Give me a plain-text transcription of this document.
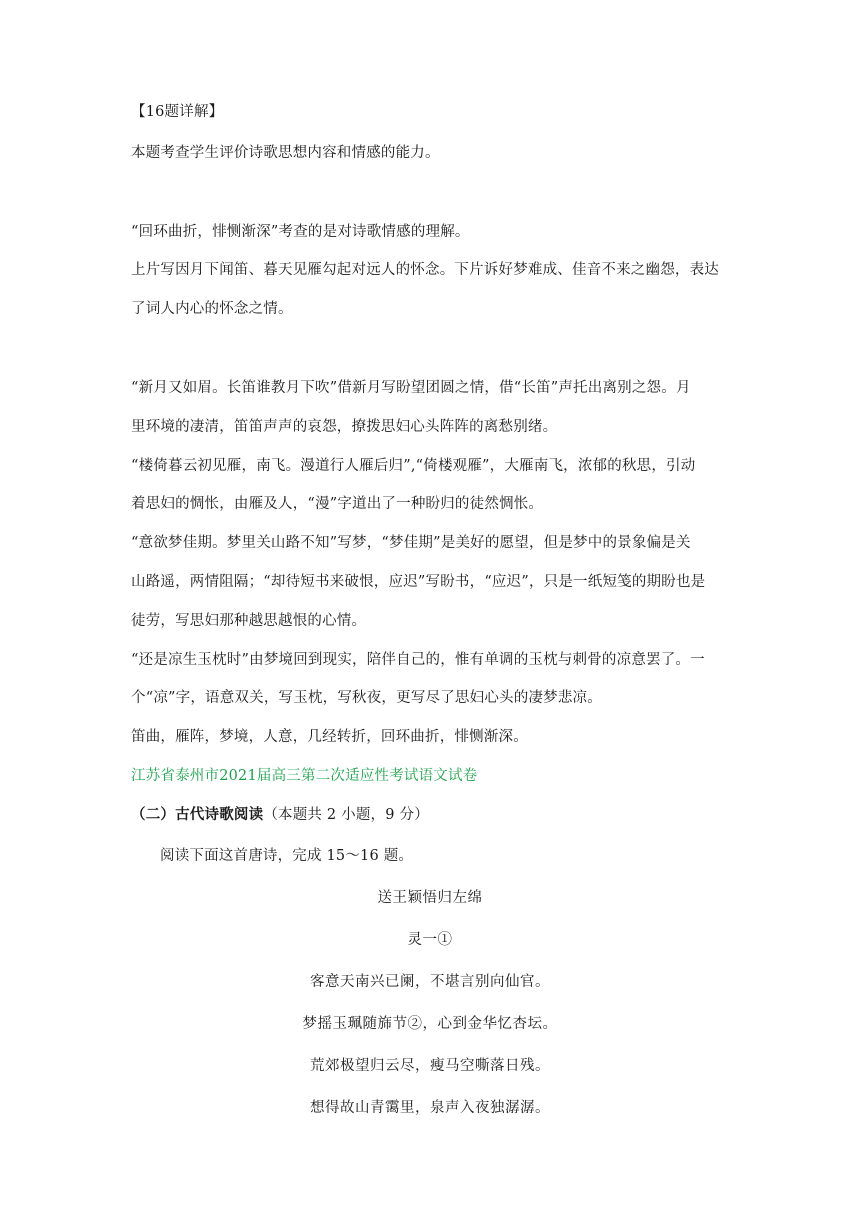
【16题详解】
本题考查学生评价诗歌思想内容和情感的能力。
“回环曲折，悱恻渐深”考查的是对诗歌情感的理解。
上片写因月下闻笛、暮天见雁勾起对远人的怀念。下片诉好梦难成、佳音不来之幽怨，表达
了词人内心的怀念之情。
“新月又如眉。长笛谁教月下吹”借新月写盼望团圆之情，借“长笛”声托出离别之怨。月
里环境的凄清，笛笛声声的哀怨，撩拨思妇心头阵阵的离愁别绪。
“楼倚暮云初见雁，南飞。漫道行人雁后归”,“倚楼观雁”，大雁南飞，浓郁的秋思，引动
着思妇的惆怅，由雁及人，“漫”字道出了一种盼归的徒然惆怅。
“意欲梦佳期。梦里关山路不知”写梦，“梦佳期”是美好的愿望，但是梦中的景象偏是关
山路遥，两情阻隔；“却待短书来破恨，应迟”写盼书，“应迟”，只是一纸短笺的期盼也是
徒劳，写思妇那种越思越恨的心情。
“还是凉生玉枕时”由梦境回到现实，陪伴自己的，惟有单调的玉枕与刺骨的凉意罢了。一
个“凉”字，语意双关，写玉枕，写秋夜，更写尽了思妇心头的凄梦悲凉。
笛曲，雁阵，梦境，人意，几经转折，回环曲折，悱恻渐深。
江苏省泰州市2021届高三第二次适应性考试语文试卷
（二）古代诗歌阅读（本题共 2 小题，9 分）
阅读下面这首唐诗，完成 15～16 题。
送王颖悟归左绵
灵一①
客意天南兴已阑，不堪言别向仙官。
梦摇玉珮随旆节②，心到金华忆杏坛。
荒郊极望归云尽，瘦马空嘶落日残。
想得故山青霭里，泉声入夜独潺潺。
